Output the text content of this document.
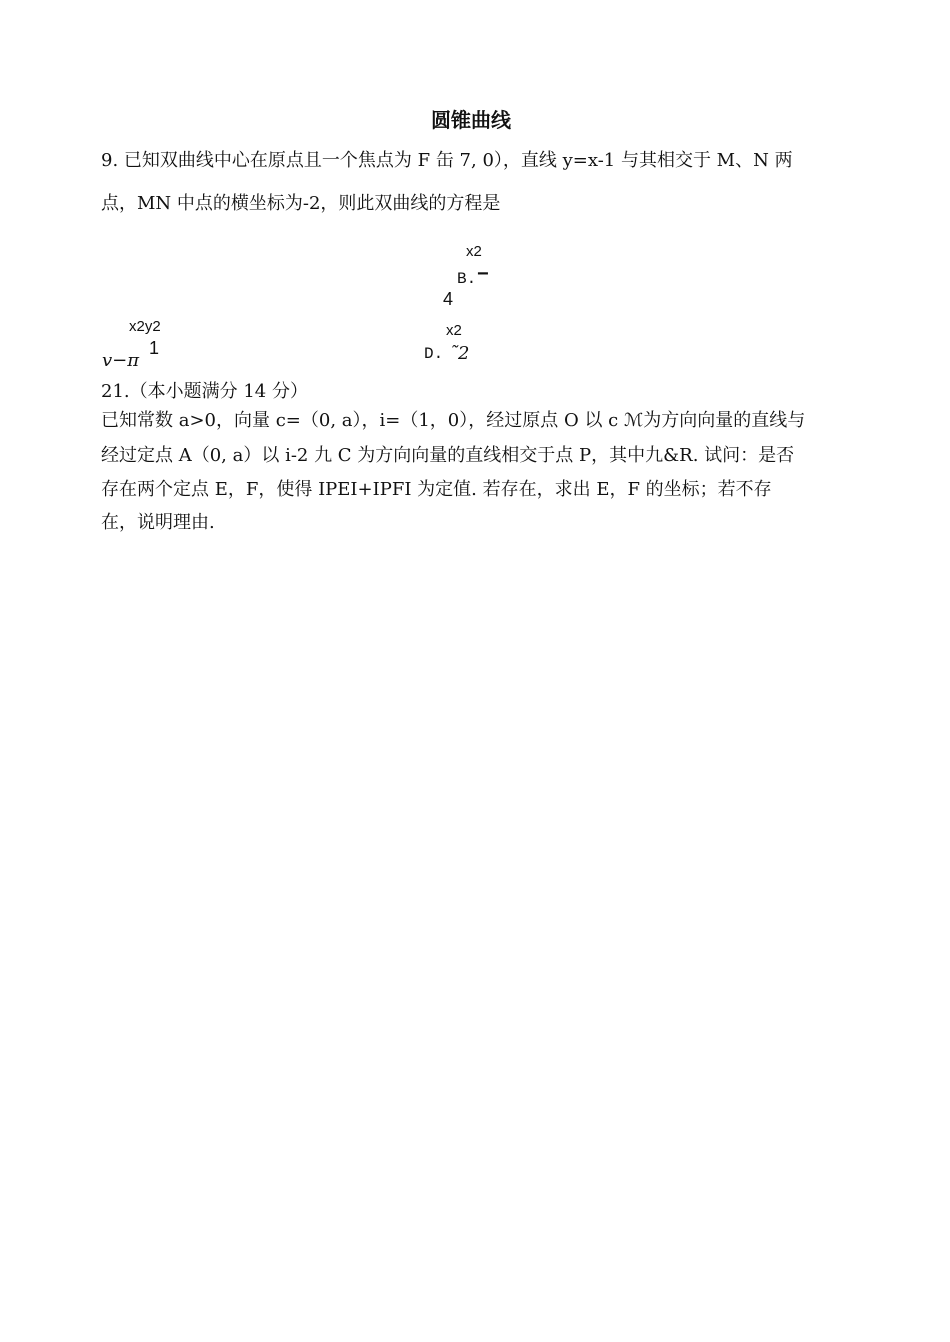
圆锥曲线
9. 已知双曲线中心在原点且一个焦点为 F 缶 7, 0），直线 y=x-1 与其相交于 M、N 两
点，MN 中点的横坐标为-2，则此双曲线的方程是
x2
B. −
4
x2y2
1
v−π
x2
D. ˜2
21.（本小题满分 14 分）
已知常数 a>0，向量 c=（0, a），i=（1，0），经过原点 O 以 c ℳ为方向向量的直线与
经过定点 A（0, a）以 i-2 九 C 为方向向量的直线相交于点 P，其中九&R. 试问：是否
存在两个定点 E，F，使得 IPEI+IPFI 为定值. 若存在，求出 E，F 的坐标；若不存
在，说明理由.
